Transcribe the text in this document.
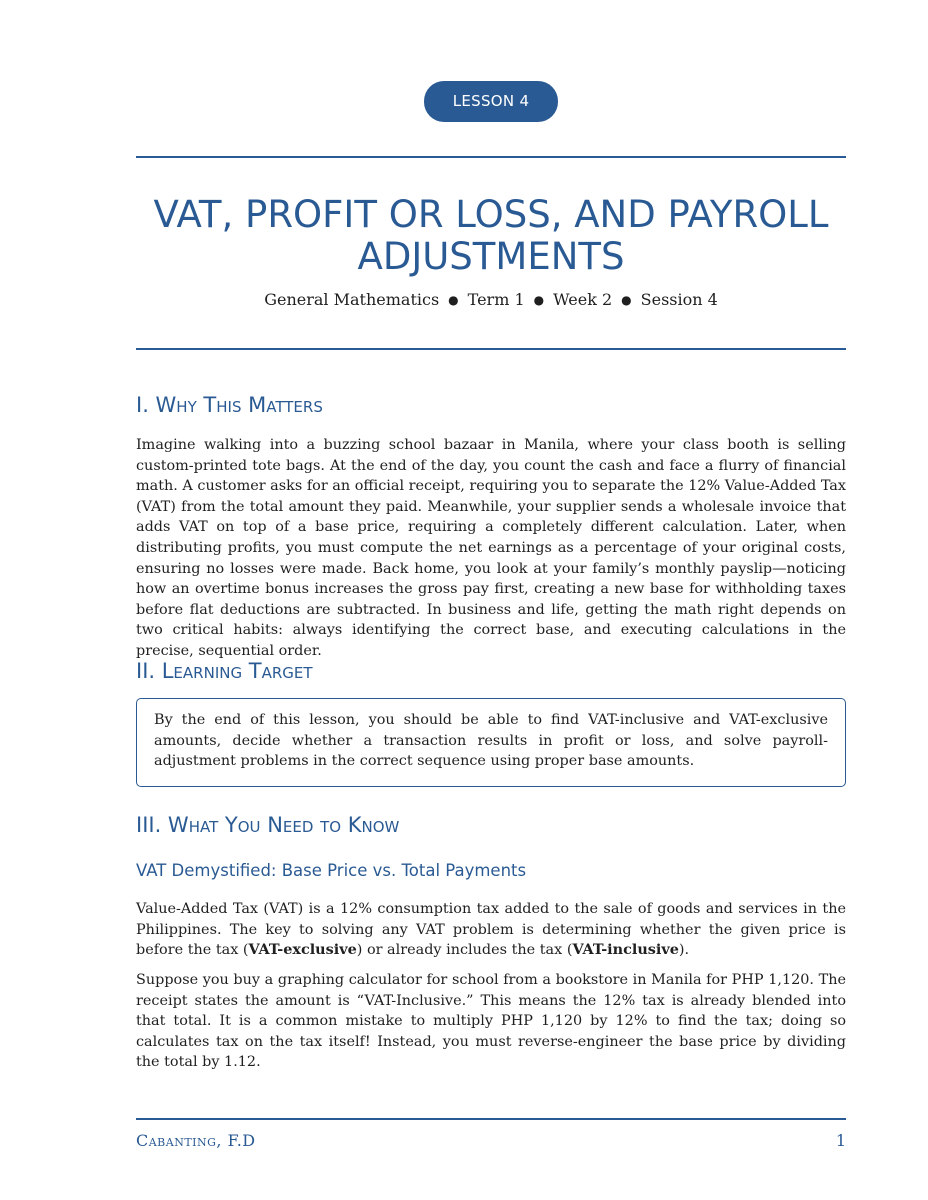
LESSON 4
VAT, PROFIT OR LOSS, AND PAYROLL
ADJUSTMENTS
General Mathematics ● Term 1 ● Week 2 ● Session 4
I. Why This Matters

Imagine walking into a buzzing school bazaar in Manila, where your class booth is selling custom-printed tote bags. At the end of the day, you count the cash and face a flurry of financial math. A customer asks for an official receipt, requiring you to separate the 12% Value-Added Tax (VAT) from the total amount they paid. Meanwhile, your supplier sends a wholesale invoice that adds VAT on top of a base price, requiring a completely different calculation. Later, when distributing profits, you must compute the net earnings as a percentage of your original costs, ensuring no losses were made. Back home, you look at your family’s monthly payslip—noticing how an overtime bonus increases the gross pay first, creating a new base for withholding taxes before flat deductions are subtracted. In business and life, getting the math right depends on two critical habits: always identifying the correct base, and executing calculations in the precise, sequential order.

II. Learning Target

By the end of this lesson, you should be able to find VAT-inclusive and VAT-exclusive amounts, decide whether a transaction results in profit or loss, and solve payroll-adjustment problems in the correct sequence using proper base amounts.

III. What You Need to Know
VAT Demystified: Base Price vs. Total Payments

Value-Added Tax (VAT) is a 12% consumption tax added to the sale of goods and services in the Philippines. The key to solving any VAT problem is determining whether the given price is before the tax (VAT-exclusive) or already includes the tax (VAT-inclusive).

Suppose you buy a graphing calculator for school from a bookstore in Manila for PHP 1,120. The receipt states the amount is “VAT-Inclusive.” This means the 12% tax is already blended into that total. It is a common mistake to multiply PHP 1,120 by 12% to find the tax; doing so calculates tax on the tax itself! Instead, you must reverse-engineer the base price by dividing the total by 1.12.

Cabanting, F.D	1
